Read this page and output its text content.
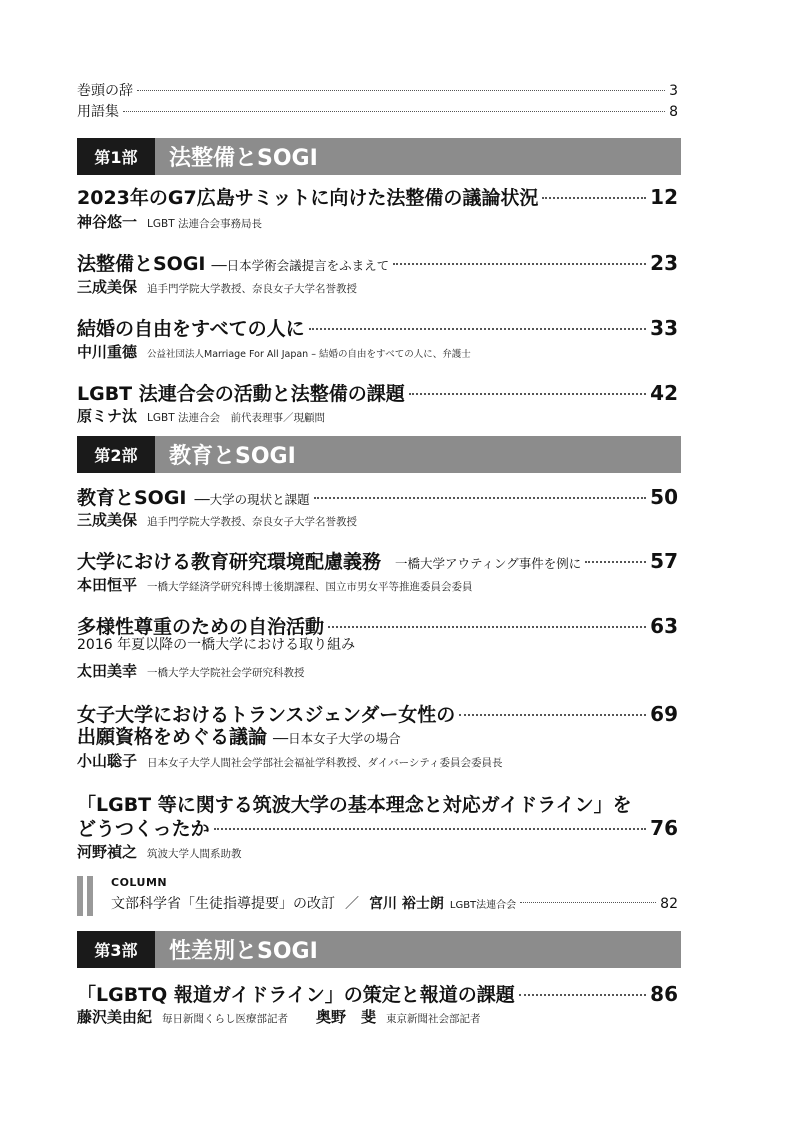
巻頭の辞	3
用語集	8
第1部	法整備とSOGI
2023年のG7広島サミットに向けた法整備の議論状況	12
神谷悠一 LGBT 法連合会事務局長
法整備とSOGI ──日本学術会議提言をふまえて	23
三成美保 追手門学院大学教授、奈良女子大学名誉教授
結婚の自由をすべての人に	33
中川重德 公益社団法人Marriage For All Japan – 結婚の自由をすべての人に、弁護士
LGBT 法連合会の活動と法整備の課題	42
原ミナ汰 LGBT 法連合会　前代表理事／現顧問
第2部	教育とSOGI
教育とSOGI ──大学の現状と課題	50
三成美保 追手門学院大学教授、奈良女子大学名誉教授
大学における教育研究環境配慮義務 一橋大学アウティング事件を例に	57
本田恒平 一橋大学経済学研究科博士後期課程、国立市男女平等推進委員会委員
多様性尊重のための自治活動	63
2016 年夏以降の一橋大学における取り組み
太田美幸 一橋大学大学院社会学研究科教授
女子大学におけるトランスジェンダー女性の	69
出願資格をめぐる議論 ──日本女子大学の場合
小山聡子 日本女子大学人間社会学部社会福祉学科教授、ダイバーシティ委員会委員長
「LGBT 等に関する筑波大学の基本理念と対応ガイドライン」を
どうつくったか	76
河野禎之 筑波大学人間系助教
COLUMN
文部科学省「生徒指導提要」の改訂 ／ 宮川 裕士朗 LGBT法連合会	82
第3部	性差別とSOGI
「LGBTQ 報道ガイドライン」の策定と報道の課題	86
藤沢美由紀 毎日新聞くらし医療部記者 奥野　斐 東京新聞社会部記者
